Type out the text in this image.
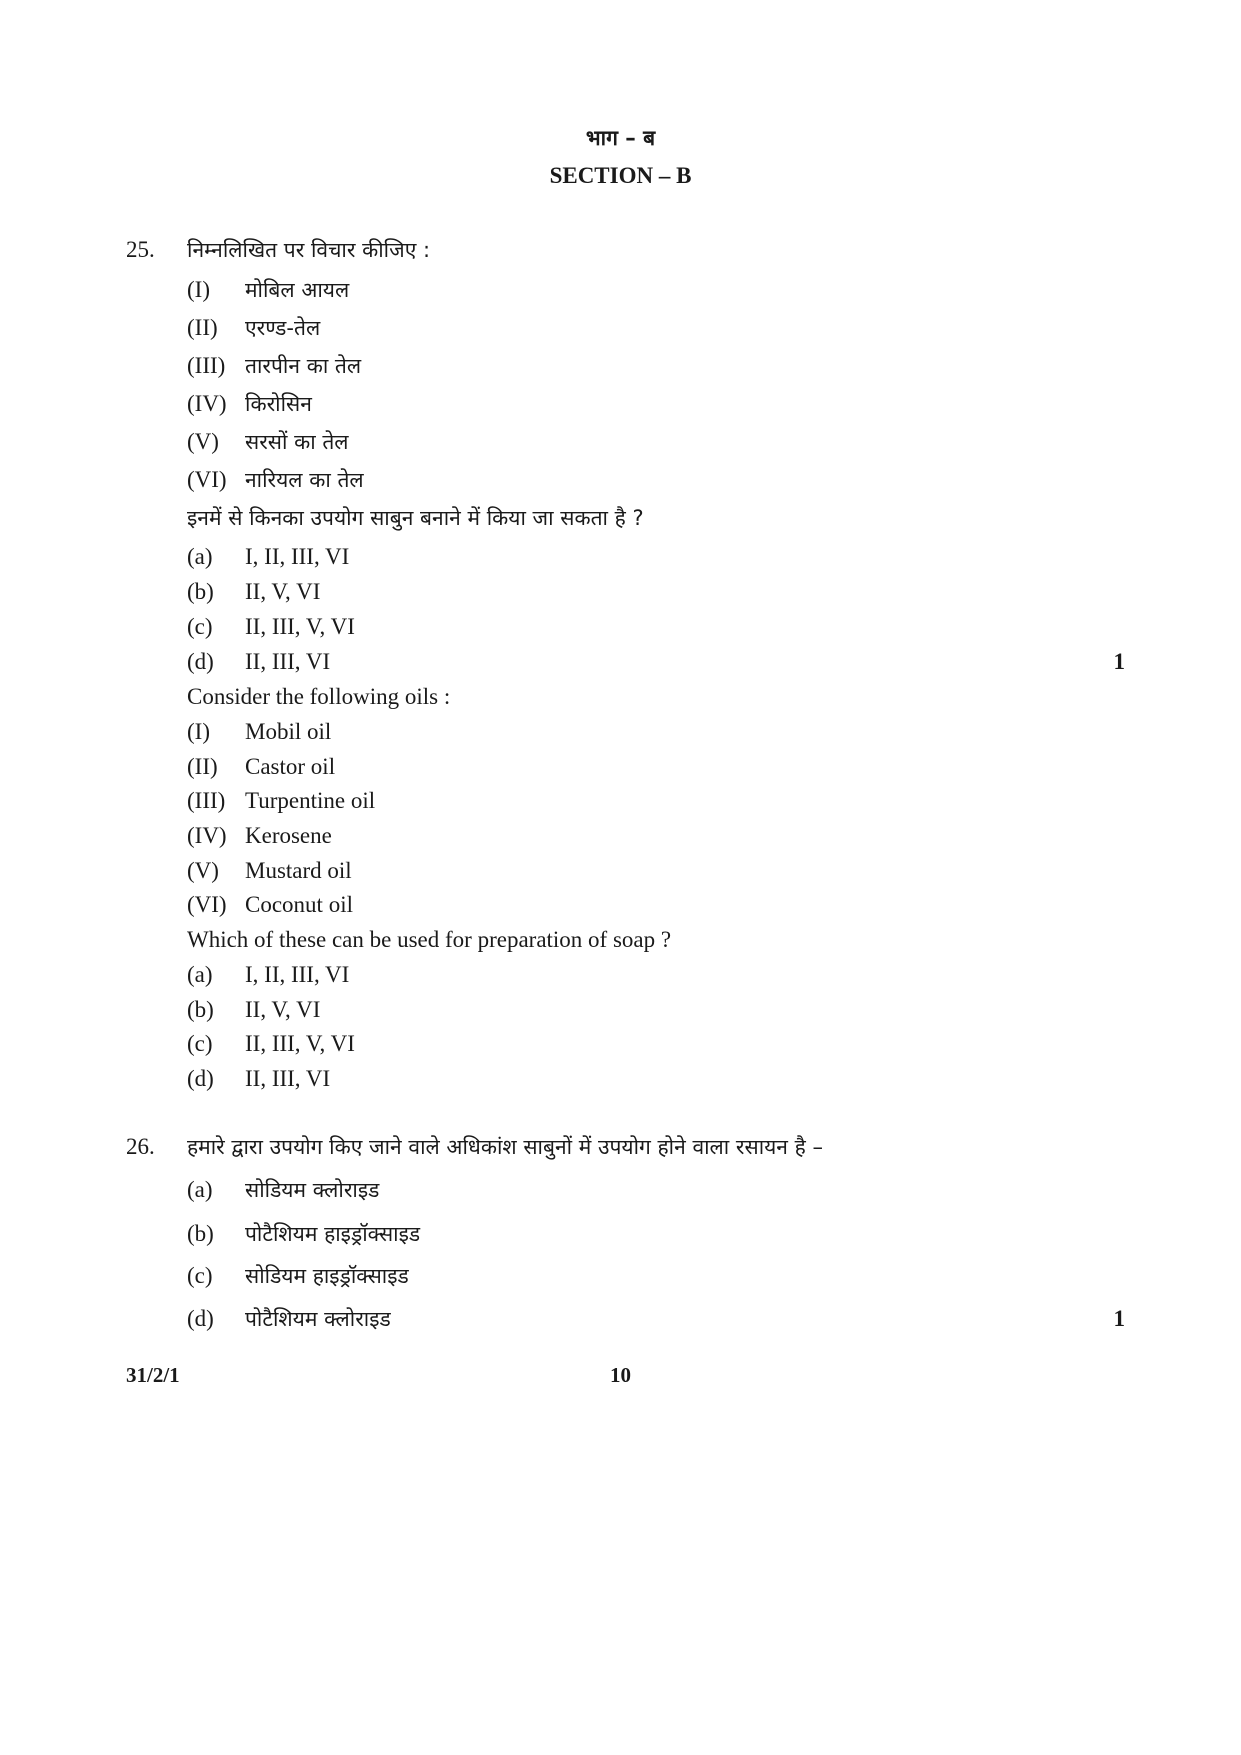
भाग – ब
SECTION – B
25. निम्नलिखित पर विचार कीजिए :
(I) मोबिल आयल
(II) एरण्ड-तेल
(III) तारपीन का तेल
(IV) किरोसिन
(V) सरसों का तेल
(VI) नारियल का तेल
इनमें से किनका उपयोग साबुन बनाने में किया जा सकता है ?
(a) I, II, III, VI
(b) II, V, VI
(c) II, III, V, VI
(d) II, III, VI	1
Consider the following oils :
(I) Mobil oil
(II) Castor oil
(III) Turpentine oil
(IV) Kerosene
(V) Mustard oil
(VI) Coconut oil
Which of these can be used for preparation of soap ?
(a) I, II, III, VI
(b) II, V, VI
(c) II, III, V, VI
(d) II, III, VI
26. हमारे द्वारा उपयोग किए जाने वाले अधिकांश साबुनों में उपयोग होने वाला रसायन है –
(a) सोडियम क्लोराइड
(b) पोटैशियम हाइड्रॉक्साइड
(c) सोडियम हाइड्रॉक्साइड
(d) पोटैशियम क्लोराइड	1
31/2/1	10
